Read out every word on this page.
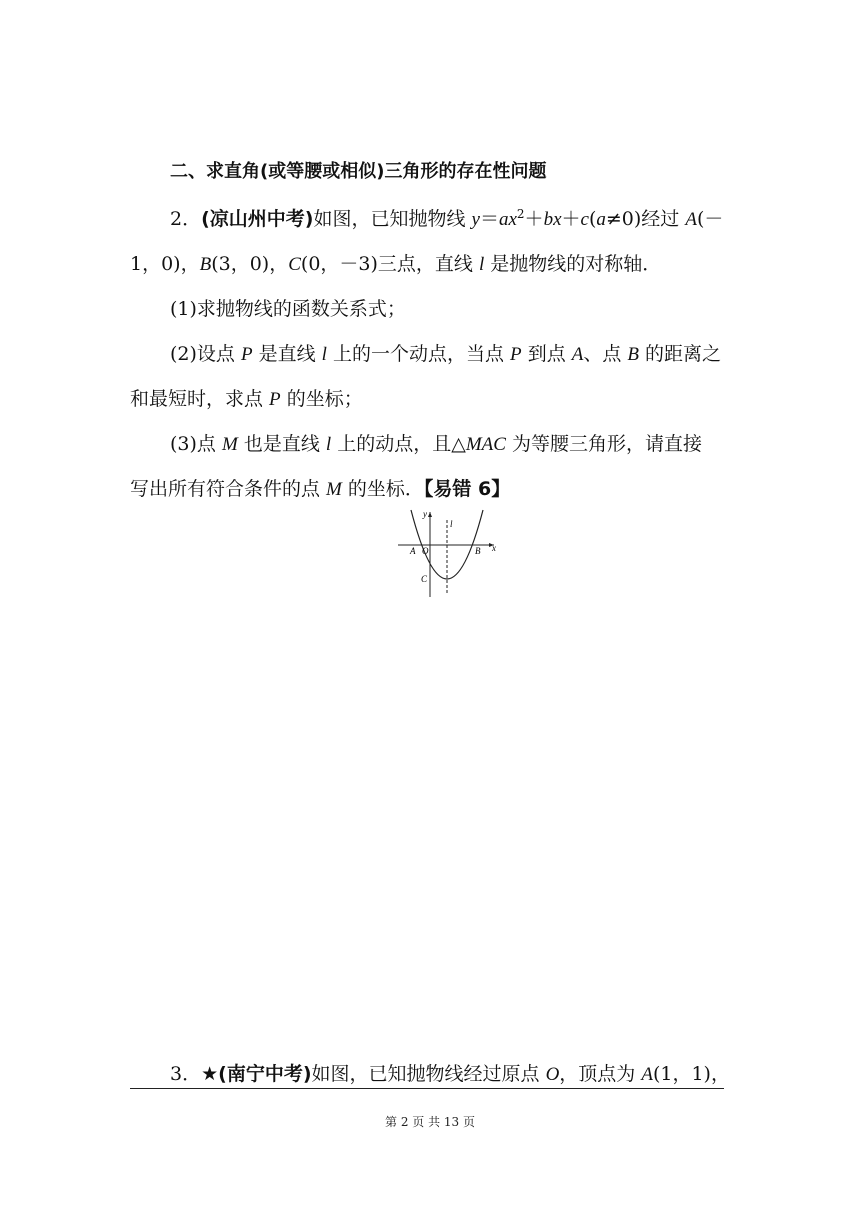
二、求直角(或等腰或相似)三角形的存在性问题
2．(凉山州中考)如图，已知抛物线 $y=ax^2+bx+c(a\ne 0)$经过 A(－
1，0)，B(3，0)，C(0，－3)三点，直线 l 是抛物线的对称轴．
(1)求抛物线的函数关系式；
(2)设点 P 是直线 l 上的一个动点，当点 P 到点 A、点 B 的距离之
和最短时，求点 P 的坐标；
(3)点 M 也是直线 l 上的动点，且△MAC 为等腰三角形，请直接
写出所有符合条件的点 M 的坐标．【易错 6】
y
l
A O	B x
C
3．★(南宁中考)如图，已知抛物线经过原点 O，顶点为 A(1，1)，
第 2 页 共 13 页
